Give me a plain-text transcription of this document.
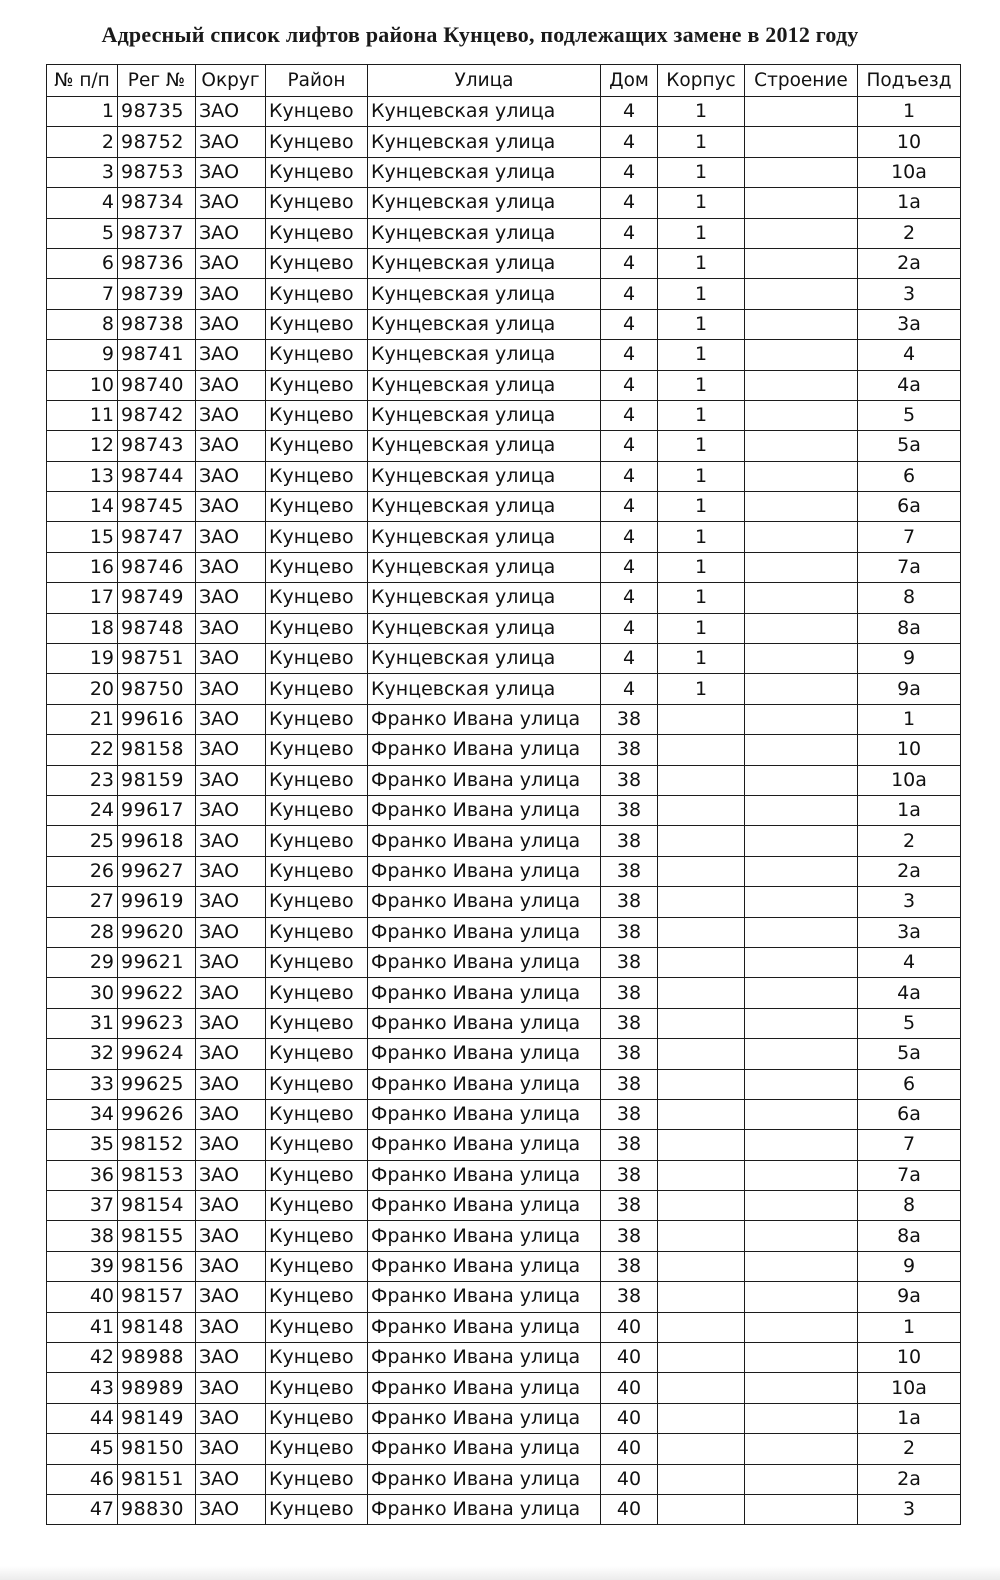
Адресный список лифтов района Кунцево, подлежащих замене в 2012 году
№ п/п	Рег №	Округ	Район	Улица	Дом	Корпус	Строение	Подъезд
1	98735	ЗАО	Кунцево	Кунцевская улица	4	1		1
2	98752	ЗАО	Кунцево	Кунцевская улица	4	1		10
3	98753	ЗАО	Кунцево	Кунцевская улица	4	1		10а
4	98734	ЗАО	Кунцево	Кунцевская улица	4	1		1а
5	98737	ЗАО	Кунцево	Кунцевская улица	4	1		2
6	98736	ЗАО	Кунцево	Кунцевская улица	4	1		2а
7	98739	ЗАО	Кунцево	Кунцевская улица	4	1		3
8	98738	ЗАО	Кунцево	Кунцевская улица	4	1		3а
9	98741	ЗАО	Кунцево	Кунцевская улица	4	1		4
10	98740	ЗАО	Кунцево	Кунцевская улица	4	1		4а
11	98742	ЗАО	Кунцево	Кунцевская улица	4	1		5
12	98743	ЗАО	Кунцево	Кунцевская улица	4	1		5а
13	98744	ЗАО	Кунцево	Кунцевская улица	4	1		6
14	98745	ЗАО	Кунцево	Кунцевская улица	4	1		6а
15	98747	ЗАО	Кунцево	Кунцевская улица	4	1		7
16	98746	ЗАО	Кунцево	Кунцевская улица	4	1		7а
17	98749	ЗАО	Кунцево	Кунцевская улица	4	1		8
18	98748	ЗАО	Кунцево	Кунцевская улица	4	1		8а
19	98751	ЗАО	Кунцево	Кунцевская улица	4	1		9
20	98750	ЗАО	Кунцево	Кунцевская улица	4	1		9а
21	99616	ЗАО	Кунцево	Франко Ивана улица	38			1
22	98158	ЗАО	Кунцево	Франко Ивана улица	38			10
23	98159	ЗАО	Кунцево	Франко Ивана улица	38			10а
24	99617	ЗАО	Кунцево	Франко Ивана улица	38			1а
25	99618	ЗАО	Кунцево	Франко Ивана улица	38			2
26	99627	ЗАО	Кунцево	Франко Ивана улица	38			2а
27	99619	ЗАО	Кунцево	Франко Ивана улица	38			3
28	99620	ЗАО	Кунцево	Франко Ивана улица	38			3а
29	99621	ЗАО	Кунцево	Франко Ивана улица	38			4
30	99622	ЗАО	Кунцево	Франко Ивана улица	38			4а
31	99623	ЗАО	Кунцево	Франко Ивана улица	38			5
32	99624	ЗАО	Кунцево	Франко Ивана улица	38			5а
33	99625	ЗАО	Кунцево	Франко Ивана улица	38			6
34	99626	ЗАО	Кунцево	Франко Ивана улица	38			6а
35	98152	ЗАО	Кунцево	Франко Ивана улица	38			7
36	98153	ЗАО	Кунцево	Франко Ивана улица	38			7а
37	98154	ЗАО	Кунцево	Франко Ивана улица	38			8
38	98155	ЗАО	Кунцево	Франко Ивана улица	38			8а
39	98156	ЗАО	Кунцево	Франко Ивана улица	38			9
40	98157	ЗАО	Кунцево	Франко Ивана улица	38			9а
41	98148	ЗАО	Кунцево	Франко Ивана улица	40			1
42	98988	ЗАО	Кунцево	Франко Ивана улица	40			10
43	98989	ЗАО	Кунцево	Франко Ивана улица	40			10а
44	98149	ЗАО	Кунцево	Франко Ивана улица	40			1а
45	98150	ЗАО	Кунцево	Франко Ивана улица	40			2
46	98151	ЗАО	Кунцево	Франко Ивана улица	40			2а
47	98830	ЗАО	Кунцево	Франко Ивана улица	40			3
